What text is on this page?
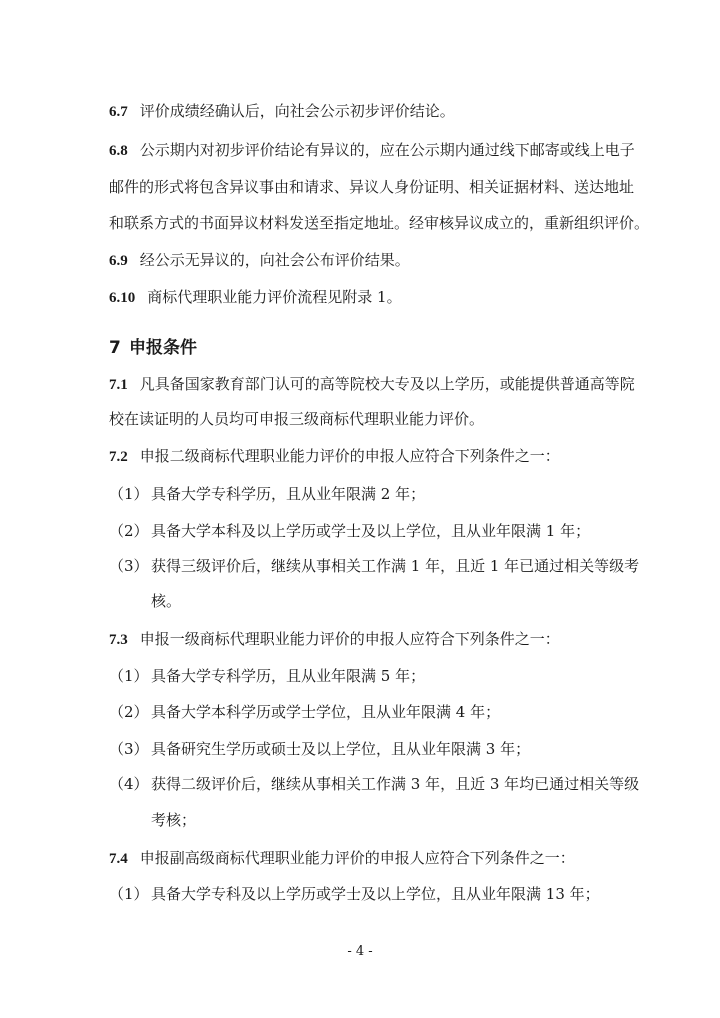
6.7 评价成绩经确认后，向社会公示初步评价结论。
6.8 公示期内对初步评价结论有异议的，应在公示期内通过线下邮寄或线上电子
邮件的形式将包含异议事由和请求、异议人身份证明、相关证据材料、送达地址
和联系方式的书面异议材料发送至指定地址。经审核异议成立的，重新组织评价。
6.9 经公示无异议的，向社会公布评价结果。
6.10 商标代理职业能力评价流程见附录 1。
7 申报条件
7.1 凡具备国家教育部门认可的高等院校大专及以上学历，或能提供普通高等院
校在读证明的人员均可申报三级商标代理职业能力评价。
7.2 申报二级商标代理职业能力评价的申报人应符合下列条件之一：
（1） 具备大学专科学历，且从业年限满 2 年；
（2） 具备大学本科及以上学历或学士及以上学位，且从业年限满 1 年；
（3） 获得三级评价后，继续从事相关工作满 1 年，且近 1 年已通过相关等级考
核。
7.3 申报一级商标代理职业能力评价的申报人应符合下列条件之一：
（1） 具备大学专科学历，且从业年限满 5 年；
（2） 具备大学本科学历或学士学位，且从业年限满 4 年；
（3） 具备研究生学历或硕士及以上学位，且从业年限满 3 年；
（4） 获得二级评价后，继续从事相关工作满 3 年，且近 3 年均已通过相关等级
考核；
7.4 申报副高级商标代理职业能力评价的申报人应符合下列条件之一：
（1） 具备大学专科及以上学历或学士及以上学位，且从业年限满 13 年；
- 4 -
